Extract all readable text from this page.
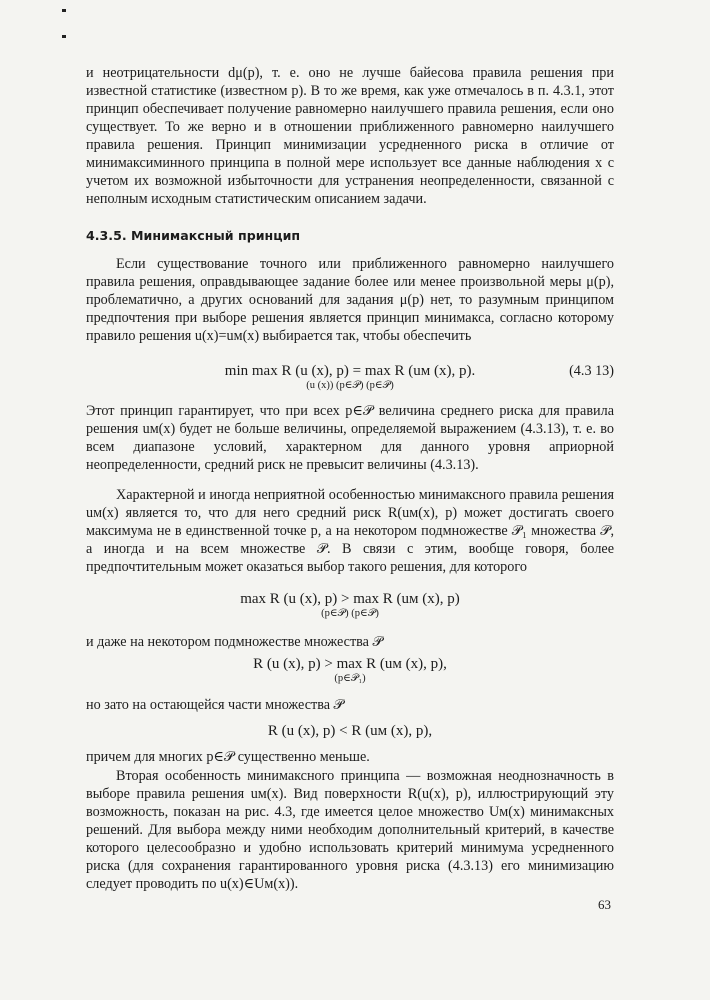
и неотрицательности dμ(p), т. е. оно не лучше байесова правила решения при известной статистике (известном p). В то же время, как уже отмечалось в п. 4.3.1, этот принцип обеспечивает получение равномерно наилучшего правила решения, если оно существует. То же верно и в отношении приближенного равномерно наилучшего правила решения. Принцип минимизации усредненного риска в отличие от минимаксиминного принципа в полной мере использует все данные наблюдения x с учетом их возможной избыточности для устранения неопределенности, связанной с неполным исходным статистическим описанием задачи.

4.3.5. Минимаксный принцип

Если существование точного или приближенного равномерно наилучшего правила решения, оправдывающее задание более или менее произвольной меры μ(p), проблематично, а других оснований для задания μ(p) нет, то разумным принципом предпочтения при выборе решения является принцип минимакса, согласно которому правило решения u(x)=uм(x) выбирается так, чтобы обеспечить

min max R (u (x), p) = max R (uм (x), p).
(u (x)) (p∈𝒫) (p∈𝒫)
(4.3 13)

Этот принцип гарантирует, что при всех p∈𝒫 величина среднего риска для правила решения uм(x) будет не больше величины, определяемой выражением (4.3.13), т. е. во всем диапазоне условий, характерном для данного уровня априорной неопределенности, средний риск не превысит величины (4.3.13).

Характерной и иногда неприятной особенностью минимаксного правила решения uм(x) является то, что для него средний риск R(uм(x), p) может достигать своего максимума не в единственной точке p, а на некотором подмножестве 𝒫₁ множества 𝒫, а иногда и на всем множестве 𝒫. В связи с этим, вообще говоря, более предпочтительным может оказаться выбор такого решения, для которого

max R (u (x), p) > max R (uм (x), p)
(p∈𝒫) (p∈𝒫)

и даже на некотором подмножестве множества 𝒫

R (u (x), p) > max R (uм (x), p),
(p∈𝒫₁)

но зато на остающейся части множества 𝒫

R (u (x), p) < R (uм (x), p),

причем для многих p∈𝒫 существенно меньше.

Вторая особенность минимаксного принципа — возможная неоднозначность в выборе правила решения uм(x). Вид поверхности R(u(x), p), иллюстрирующий эту возможность, показан на рис. 4.3, где имеется целое множество Uм(x) минимаксных решений. Для выбора между ними необходим дополнительный критерий, в качестве которого целесообразно и удобно использовать критерий минимума усредненного риска (для сохранения гарантированного уровня риска (4.3.13) его минимизацию следует проводить по u(x)∈Uм(x)).

63
